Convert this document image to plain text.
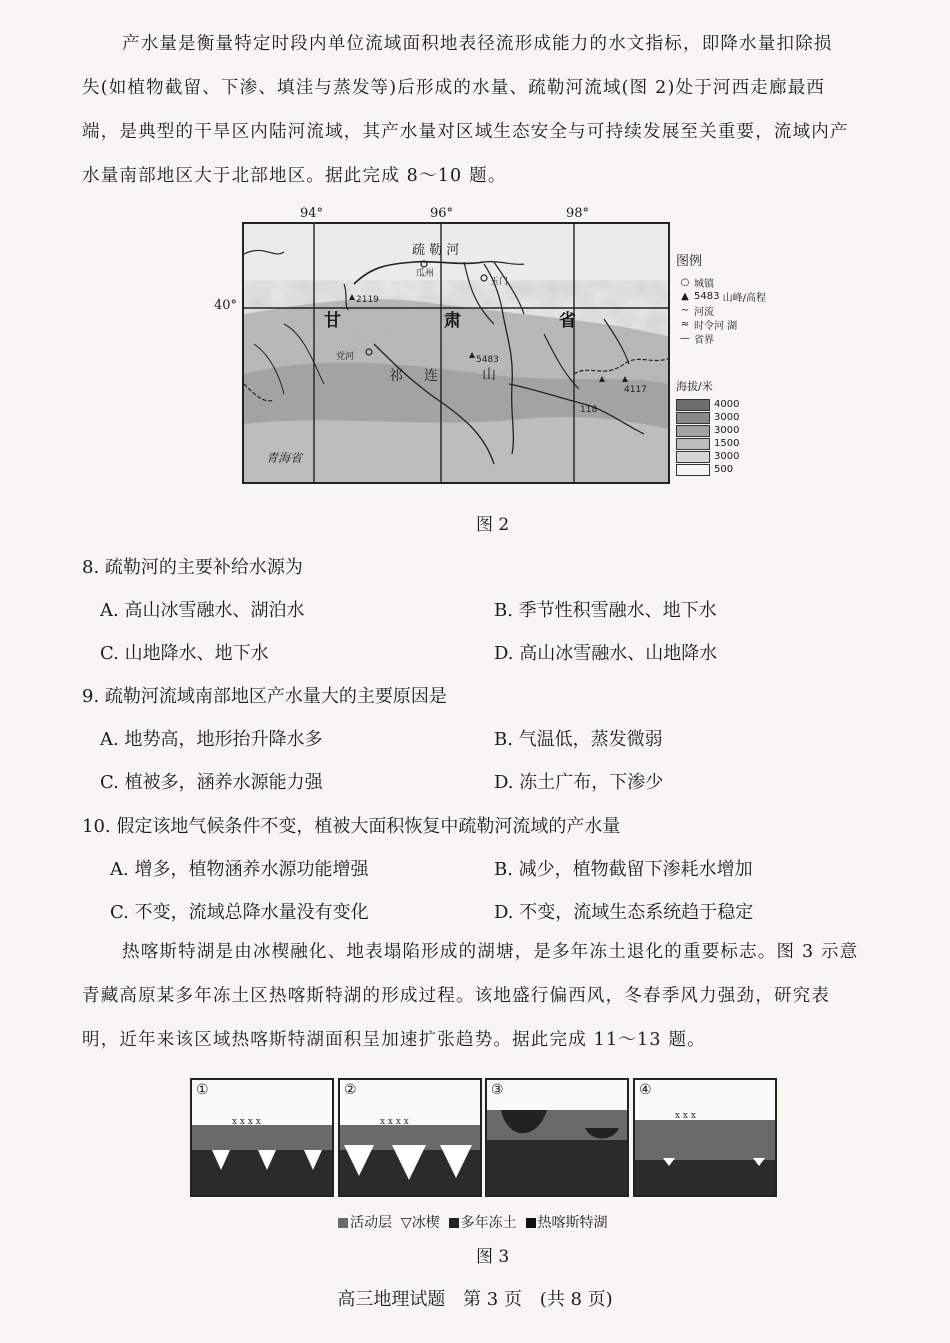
产水量是衡量特定时段内单位流域面积地表径流形成能力的水文指标，即降水量扣除损
失(如植物截留、下渗、填洼与蒸发等)后形成的水量、疏勒河流域(图 2)处于河西走廊最西
端，是典型的干旱区内陆河流域，其产水量对区域生态安全与可持续发展至关重要，流域内产
水量南部地区大于北部地区。据此完成 8～10 题。
94°	96°	98°
40°
疏 勒 河
瓜州
玉门
2119
甘	肃	省
党河
祁 连	山
5483
4117
118
青海省
图例
○ 城镇
▲ 5483
山峰/高程
∼ 河流
≈ 时令河 湖
— 省界
海拔/米
4000
3000
3000
1500
3000
500
图 2
8. 疏勒河的主要补给水源为
A. 高山冰雪融水、湖泊水	B. 季节性积雪融水、地下水
C. 山地降水、地下水	D. 高山冰雪融水、山地降水
9. 疏勒河流域南部地区产水量大的主要原因是
A. 地势高，地形抬升降水多	B. 气温低，蒸发微弱
C. 植被多，涵养水源能力强	D. 冻土广布，下渗少
10. 假定该地气候条件不变，植被大面积恢复中疏勒河流域的产水量
A. 增多，植物涵养水源功能增强	B. 减少，植物截留下渗耗水增加
C. 不变，流域总降水量没有变化	D. 不变，流域生态系统趋于稳定
热喀斯特湖是由冰楔融化、地表塌陷形成的湖塘，是多年冻土退化的重要标志。图 3 示意
青藏高原某多年冻土区热喀斯特湖的形成过程。该地盛行偏西风，冬春季风力强劲，研究表
明，近年来该区域热喀斯特湖面积呈加速扩张趋势。据此完成 11～13 题。
x x x x
①
x x x x
②	③
x x x
④
活动层 ▽冰楔 多年冻土 热喀斯特湖
图 3
高三地理试题 第 3 页 (共 8 页)
